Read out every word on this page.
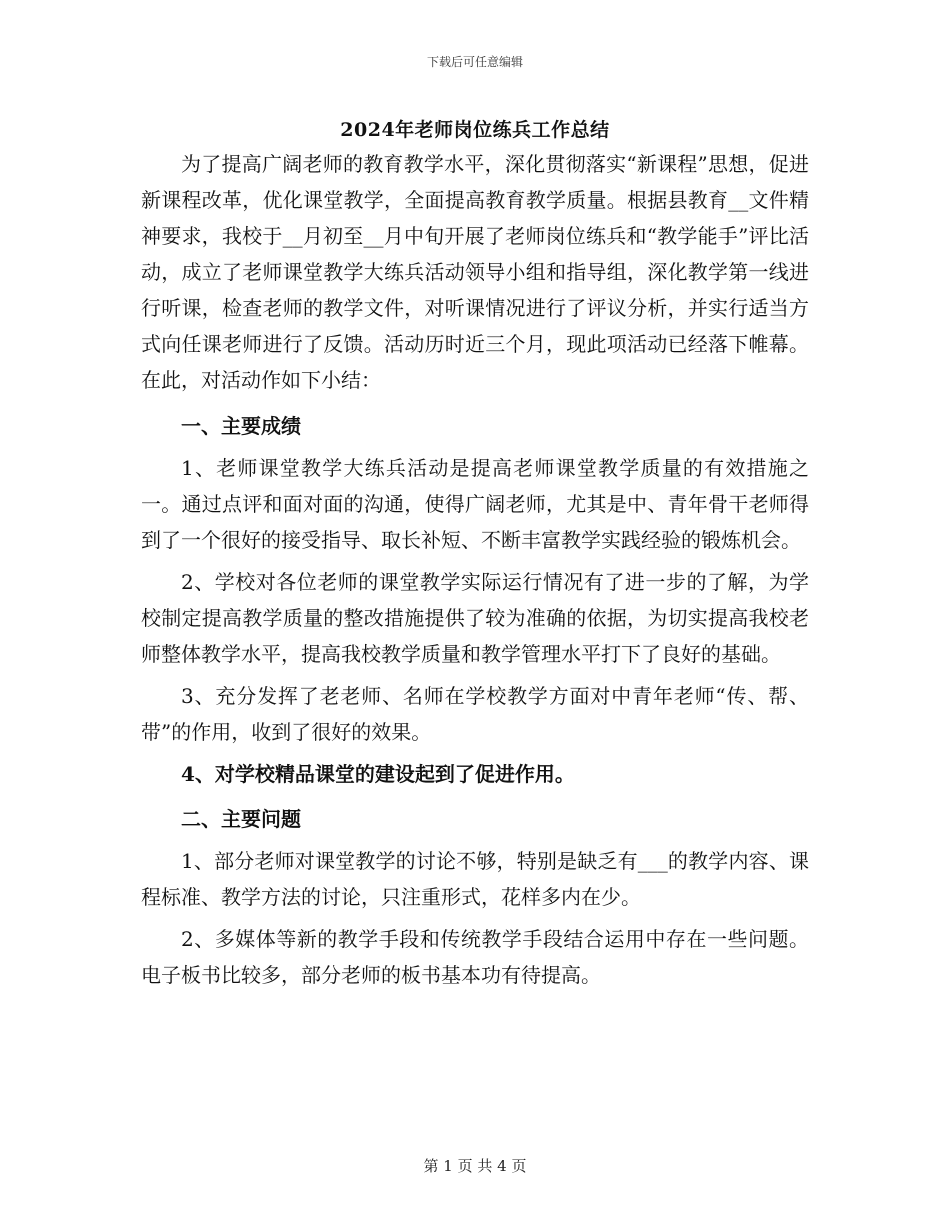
下载后可任意编辑
2024年老师岗位练兵工作总结

为了提高广阔老师的教育教学水平，深化贯彻落实“新课程”思想，促进新课程改革，优化课堂教学，全面提高教育教学质量。根据县教育__文件精神要求，我校于__月初至__月中旬开展了老师岗位练兵和“教学能手”评比活动，成立了老师课堂教学大练兵活动领导小组和指导组，深化教学第一线进行听课，检查老师的教学文件，对听课情况进行了评议分析，并实行适当方式向任课老师进行了反馈。活动历时近三个月，现此项活动已经落下帷幕。在此，对活动作如下小结：

一、主要成绩

1、老师课堂教学大练兵活动是提高老师课堂教学质量的有效措施之一。通过点评和面对面的沟通，使得广阔老师，尤其是中、青年骨干老师得到了一个很好的接受指导、取长补短、不断丰富教学实践经验的锻炼机会。

2、学校对各位老师的课堂教学实际运行情况有了进一步的了解，为学校制定提高教学质量的整改措施提供了较为准确的依据，为切实提高我校老师整体教学水平，提高我校教学质量和教学管理水平打下了良好的基础。

3、充分发挥了老老师、名师在学校教学方面对中青年老师“传、帮、带”的作用，收到了很好的效果。

4、对学校精品课堂的建设起到了促进作用。

二、主要问题

1、部分老师对课堂教学的讨论不够，特别是缺乏有___的教学内容、课程标准、教学方法的讨论，只注重形式，花样多内在少。

2、多媒体等新的教学手段和传统教学手段结合运用中存在一些问题。电子板书比较多，部分老师的板书基本功有待提高。

第 1 页 共 4 页
